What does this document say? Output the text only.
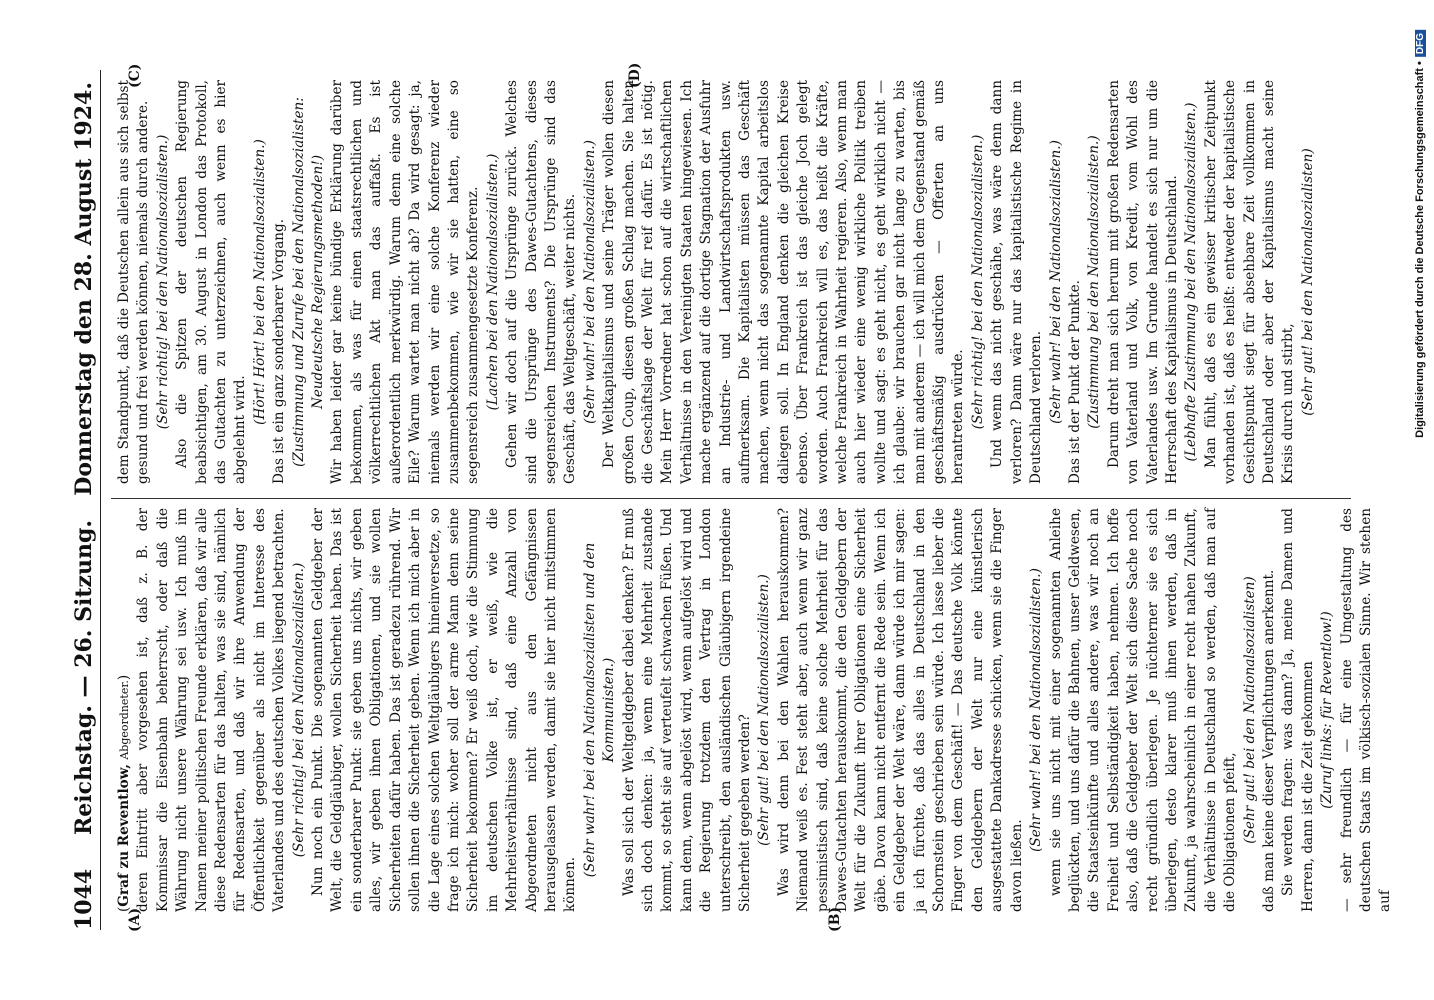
1044
Reichstag. — 26. Sitzung.
Donnerstag den 28. August 1924.
(A)	(B)
(C)	(D)

(Graf zu Reventlow, Abgeordneter.) deren Eintritt aber vorgesehen ist, daß z. B. der Kommissar die Eisenbahn beherrscht, oder daß die Währung nicht unsere Währung sei usw. Ich muß im Namen meiner politischen Freunde erklären, daß wir alle diese Redensarten für das halten, was sie sind, nämlich für Redensarten, und daß wir ihre Anwendung der Öffentlichkeit gegenüber als nicht im Interesse des Vaterlandes und des deutschen Volkes liegend betrachten. (Sehr richtig! bei den Nationalsozialisten.) Nun noch ein Punkt. Die sogenannten Geldgeber der Welt, die Geldgläubiger, wollen Sicherheit haben. Das ist ein sonderbarer Punkt: sie geben uns nichts, wir geben alles, wir geben ihnen Obligationen, und sie wollen Sicherheiten dafür haben. Das ist geradezu rührend. Wir sollen ihnen die Sicherheit geben. Wenn ich mich aber in die Lage eines solchen Weltgläubigers hineinversetze, so frage ich mich: woher soll der arme Mann denn seine Sicherheit bekommen? Er weiß doch, wie die Stimmung im deutschen Volke ist, er weiß, wie die Mehrheitsverhältnisse sind, daß eine Anzahl von Abgeordneten nicht aus den Gefängnissen herausgelassen werden, damit sie hier nicht mitstimmen können.

(Sehr wahr! bei den Nationalsozialisten und den Kommunisten.) Was soll sich der Weltgeldgeber dabei denken? Er muß sich doch denken: ja, wenn eine Mehrheit zustande kommt, so steht sie auf verteufelt schwachen Füßen. Und kann denn, wenn abgelöst wird, wenn aufgelöst wird und die Regierung trotzdem den Vertrag in London unterschreibt, den ausländischen Gläubigern irgendeine Sicherheit gegeben werden? (Sehr gut! bei den Nationalsozialisten.) Was wird denn bei den Wahlen herauskommen? Niemand weiß es. Fest steht aber, auch wenn wir ganz pessimistisch sind, daß keine solche Mehrheit für das Dawes-Gutachten herauskommt, die den Geldgebern der Welt für die Zukunft ihrer Obligationen eine Sicherheit gäbe. Davon kann nicht entfernt die Rede sein. Wenn ich ein Geldgeber der Welt wäre, dann würde ich mir sagen: ja ich fürchte, daß das alles in Deutschland in den Schornstein geschrieben sein würde. Ich lasse lieber die Finger von dem Geschäft! — Das deutsche Volk könnte den Geldgebern der Welt nur eine künstlerisch ausgestattete Dankadresse schicken, wenn sie die Finger davon ließen.

(Sehr wahr! bei den Nationalsozialisten.) wenn sie uns nicht mit einer sogenannten Anleihe beglückten, und uns dafür die Bahnen, unser Geldwesen, die Staatseinkünfte und alles andere, was wir noch an Freiheit und Selbständigkeit haben, nehmen. Ich hoffe also, daß die Geldgeber der Welt sich diese Sache noch recht gründlich überlegen. Je nüchterner sie es sich überlegen, desto klarer muß ihnen werden, daß in Zukunft, ja wahrscheinlich in einer recht nahen Zukunft, die Verhältnisse in Deutschland so werden, daß man auf die Obligationen pfeift, (Sehr gut! bei den Nationalsozialisten) daß man keine dieser Verpflichtungen anerkennt. Sie werden fragen: was dann? Ja, meine Damen und Herren, dann ist die Zeit gekommen (Zuruf links: für Reventlow!) — sehr freundlich — für eine Umgestaltung des deutschen Staats im völkisch-sozialen Sinne. Wir stehen auf

dem Standpunkt, daß die Deutschen allein aus sich selbst gesund und frei werden können, niemals durch andere. (Sehr richtig! bei den Nationalsozialisten.) Also die Spitzen der deutschen Regierung beabsichtigen, am 30. August in London das Protokoll, das Gutachten zu unterzeichnen, auch wenn es hier abgelehnt wird.

(Hört! Hört! bei den Nationalsozialisten.) Das ist ein ganz sonderbarer Vorgang. (Zustimmung und Zurufe bei den Nationalsozialisten: Neudeutsche Regierungsmethoden!) Wir haben leider gar keine bündige Erklärung darüber bekommen, als was für einen staatsrechtlichen und völkerrechtlichen Akt man das auffaßt. Es ist außerordentlich merkwürdig. Warum denn eine solche Eile? Warum wartet man nicht ab? Da wird gesagt: ja, niemals werden wir eine solche Konferenz wieder zusammenbekommen, wie wir sie hatten, eine so segensreich zusammengesetzte Konferenz. (Lachen bei den Nationalsozialisten.) Gehen wir doch auf die Ursprünge zurück. Welches sind die Ursprünge des Dawes-Gutachtens, dieses segensreichen Instruments? Die Ursprünge sind das Geschäft, das Weltgeschäft, weiter nichts. (Sehr wahr! bei den Nationalsozialisten.) Der Weltkapitalismus und seine Träger wollen diesen großen Coup, diesen großen Schlag machen. Sie halten die Geschäftslage der Welt für reif dafür. Es ist nötig. Mein Herr Vorredner hat schon auf die wirtschaftlichen Verhältnisse in den Vereinigten Staaten hingewiesen. Ich mache ergänzend auf die dortige Stagnation der Ausfuhr an Industrie- und Landwirtschaftsprodukten usw. aufmerksam. Die Kapitalisten müssen das Geschäft machen, wenn nicht das sogenannte Kapital arbeitslos daliegen soll. In England denken die gleichen Kreise ebenso. Über Frankreich ist das gleiche Joch gelegt worden. Auch Frankreich will es, das heißt die Kräfte, welche Frankreich in Wahrheit regieren. Also, wenn man auch hier wieder eine wenig wirkliche Politik treiben wollte und sagt: es geht nicht, es geht wirklich nicht — ich glaube: wir brauchen gar nicht lange zu warten, bis man mit anderem — ich will mich dem Gegenstand gemäß geschäftsmäßig ausdrücken — Offerten an uns herantreten würde. (Sehr richtig! bei den Nationalsozialisten.) Und wenn das nicht geschähe, was wäre denn dann verloren? Dann wäre nur das kapitalistische Regime in Deutschland verloren. (Sehr wahr! bei den Nationalsozialisten.) Das ist der Punkt der Punkte. (Zustimmung bei den Nationalsozialisten.) Darum dreht man sich herum mit großen Redensarten von Vaterland und Volk, von Kredit, vom Wohl des Vaterlandes usw. Im Grunde handelt es sich nur um die Herrschaft des Kapitalismus in Deutschland. (Lebhafte Zustimmung bei den Nationalsozialisten.) Man fühlt, daß es ein gewisser kritischer Zeitpunkt vorhanden ist, daß es heißt: entweder der kapitalistische Gesichtspunkt siegt für absehbare Zeit vollkommen in Deutschland oder aber der Kapitalismus macht seine Krisis durch und stirbt, (Sehr gut! bei den Nationalsozialisten)	Digitalisierung gefördert durch die Deutsche Forschungsgemeinschaft •
DFG
